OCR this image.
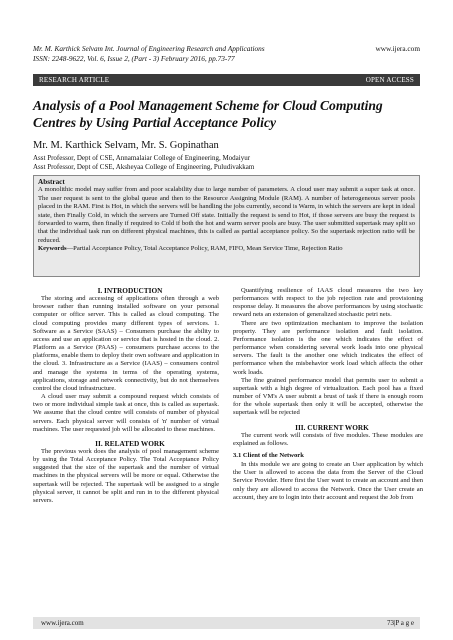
Mr. M. Karthick Selvam Int. Journal of Engineering Research and Applications	www.ijera.com
ISSN: 2248-9622, Vol. 6, Issue 2, (Part - 3) February 2016, pp.73-77
RESEARCH ARTICLE	OPEN ACCESS
Analysis of a Pool Management Scheme for Cloud Computing Centres by Using Partial Acceptance Policy
Mr. M. Karthick Selvam, Mr. S. Gopinathan
Asst Professor, Dept of CSE, Annamalaiar College of Engineering, Modaiyur
Asst Professor, Dept of CSE, Aksheyaa College of Engineering, Puludivakkam
Abstract
A monolithic model may suffer from and poor scalability due to large number of parameters. A cloud user may submit a super task at once. The user request is sent to the global queue and then to the Resource Assigning Module (RAM). A number of heterogeneous server pools placed in the RAM. First is Hot, in which the servers will be handling the jobs currently, second is Warm, in which the servers are kept in ideal state, then Finally Cold, in which the servers are Turned Off state. Initially the request is send to Hot, if those servers are busy the request is forwarded to warm, then finally if required to Cold if both the hot and warm server pools are busy. The user submitted supertask may split so that the individual task run on different physical machines, this is called as partial acceptance policy. So the supertask rejection ratio will be reduced.
Keywords—Partial Acceptance Policy, Total Acceptance Policy, RAM, FIFO, Mean Service Time, Rejection Ratio

I. INTRODUCTION

The storing and accessing of applications often through a web browser rather than running installed software on your personal computer or office server. This is called as cloud computing. The cloud computing provides many different types of services. 1. Software as a Service (SAAS) – Consumers purchase the ability to access and use an application or service that is hosted in the cloud. 2. Platform as a Service (PAAS) – consumers purchase access to the platforms, enable them to deploy their own software and application in the cloud. 3. Infrastructure as a Service (IAAS) – consumers control and manage the systems in terms of the operating systems, applications, storage and network connectivity, but do not themselves control the cloud infrastructure.

A cloud user may submit a compound request which consists of two or more individual simple task at once, this is called as supertask. We assume that the cloud centre will consists of number of physical servers. Each physical server will consists of 'n' number of virtual machines. The user requested job will be allocated to these machines.

II. RELATED WORK

The previous work does the analysis of pool management scheme by using the Total Acceptance Policy. The Total Acceptance Policy suggested that the size of the supertask and the number of virtual machines in the physical servers will be more or equal. Otherwise the supertask will be rejected. The supertask will be assigned to a single physical server, it cannot be split and run in to the different physical servers.

Quantifying resilience of IAAS cloud measures the two key performances with respect to the job rejection rate and provisioning response delay. It measures the above performances by using stochastic reward nets an extension of generalized stochastic petri nets.

There are two optimization mechanism to improve the isolation property. They are performance isolation and fault isolation. Performance isolation is the one which indicates the effect of performance when considering several work loads into one physical servers. The fault is the another one which indicates the effect of performance when the misbehavior work load which affects the other work loads.

The fine grained performance model that permits user to submit a supertask with a high degree of virtualization. Each pool has a fixed number of VM's A user submit a brust of task if there is enough room for the whole supertask then only it will be accepted, otherwise the supertask will be rejected

III. CURRENT WORK

The current work will consists of five modules. These modules are explained as follows.

3.1 Client of the Network

In this module we are going to create an User application by which the User is allowed to access the data from the Server of the Cloud Service Provider. Here first the User want to create an account and then only they are allowed to access the Network. Once the User create an account, they are to login into their account and request the Job from

www.ijera.com	73|P a g e
